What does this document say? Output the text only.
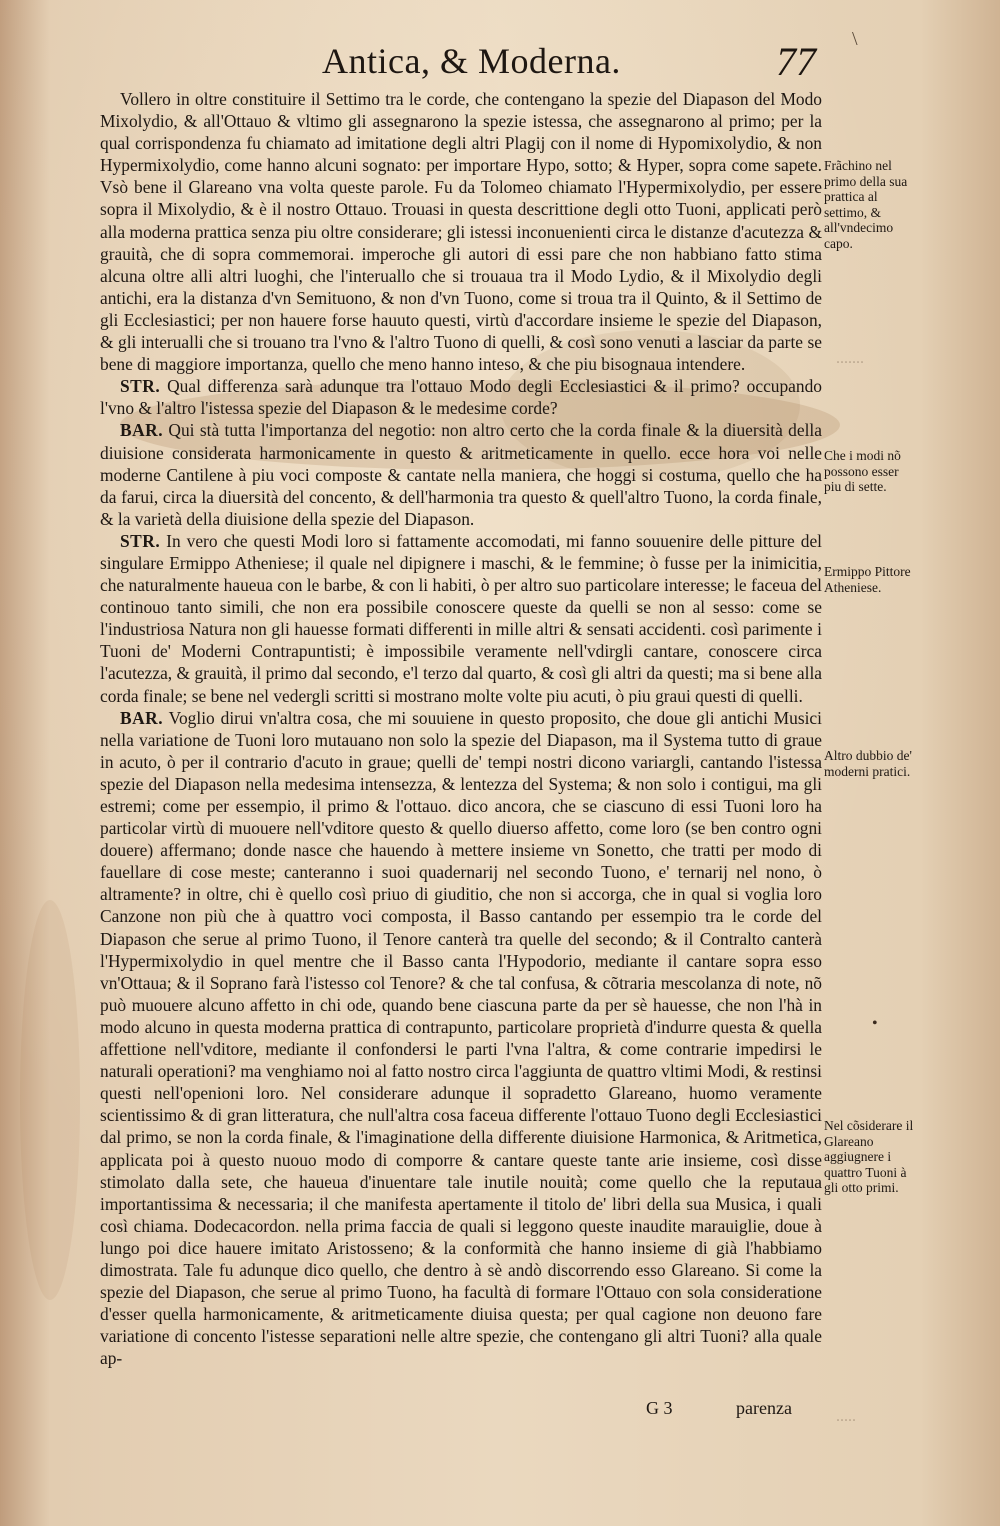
\
Antica, & Moderna.	77

Vollero in oltre constituire il Settimo tra le corde, che contengano la spezie del Diapason del Modo Mixolydio, & all'Ottauo & vltimo gli assegnarono la spezie istessa, che assegnarono al primo; per la qual corrispondenza fu chiamato ad imitatione degli altri Plagij con il nome di Hypomixolydio, & non Hypermixolydio, come hanno alcuni sognato: per importare Hypo, sotto; & Hyper, sopra come sapete. Vsò bene il Glareano vna volta queste parole. Fu da Tolomeo chiamato l'Hypermixolydio, per essere sopra il Mixolydio, & è il nostro Ottauo. Trouasi in questa descrittione degli otto Tuoni, applicati però alla moderna prattica senza piu oltre considerare; gli istessi inconuenienti circa le distanze d'acutezza & grauità, che di sopra commemorai. imperoche gli autori di essi pare che non habbiano fatto stima alcuna oltre alli altri luoghi, che l'interuallo che si trouaua tra il Modo Lydio, & il Mixolydio degli antichi, era la distanza d'vn Semituono, & non d'vn Tuono, come si troua tra il Quinto, & il Settimo de gli Ecclesiastici; per non hauere forse hauuto questi, virtù d'accordare insieme le spezie del Diapason, & gli interualli che si trouano tra l'vno & l'altro Tuono di quelli, & così sono venuti a lasciar da parte se bene di maggiore importanza, quello che meno hanno inteso, & che piu bisognaua intendere.

STR. Qual differenza sarà adunque tra l'ottauo Modo degli Ecclesiastici & il primo? occupando l'vno & l'altro l'istessa spezie del Diapason & le medesime corde?

BAR. Qui stà tutta l'importanza del negotio: non altro certo che la corda finale & la diuersità della diuisione considerata harmonicamente in questo & aritmeticamente in quello. ecce hora voi nelle moderne Cantilene à piu voci composte & cantate nella maniera, che hoggi si costuma, quello che ha da farui, circa la diuersità del concento, & dell'harmonia tra questo & quell'altro Tuono, la corda finale, & la varietà della diuisione della spezie del Diapason.

STR. In vero che questi Modi loro si fattamente accomodati, mi fanno souuenire delle pitture del singulare Ermippo Atheniese; il quale nel dipignere i maschi, & le femmine; ò fusse per la inimicitia, che naturalmente haueua con le barbe, & con li habiti, ò per altro suo particolare interesse; le faceua del continouo tanto simili, che non era possibile conoscere queste da quelli se non al sesso: come se l'industriosa Natura non gli hauesse formati differenti in mille altri & sensati accidenti. così parimente i Tuoni de' Moderni Contrapuntisti; è impossibile veramente nell'vdirgli cantare, conoscere circa l'acutezza, & grauità, il primo dal secondo, e'l terzo dal quarto, & così gli altri da questi; ma si bene alla corda finale; se bene nel vedergli scritti si mostrano molte volte piu acuti, ò piu graui questi di quelli.

BAR. Voglio dirui vn'altra cosa, che mi souuiene in questo proposito, che doue gli antichi Musici nella variatione de Tuoni loro mutauano non solo la spezie del Diapason, ma il Systema tutto di graue in acuto, ò per il contrario d'acuto in graue; quelli de' tempi nostri dicono variargli, cantando l'istessa spezie del Diapason nella medesima intensezza, & lentezza del Systema; & non solo i contigui, ma gli estremi; come per essempio, il primo & l'ottauo. dico ancora, che se ciascuno di essi Tuoni loro ha particolar virtù di muouere nell'vditore questo & quello diuerso affetto, come loro (se ben contro ogni douere) affermano; donde nasce che hauendo à mettere insieme vn Sonetto, che tratti per modo di fauellare di cose meste; canteranno i suoi quadernarij nel secondo Tuono, e' ternarij nel nono, ò altramente? in oltre, chi è quello così priuo di giuditio, che non si accorga, che in qual si voglia loro Canzone non più che à quattro voci composta, il Basso cantando per essempio tra le corde del Diapason che serue al primo Tuono, il Tenore canterà tra quelle del secondo; & il Contralto canterà l'Hypermixolydio in quel mentre che il Basso canta l'Hypodorio, mediante il cantare sopra esso vn'Ottaua; & il Soprano farà l'istesso col Tenore? & che tal confusa, & cõtraria mescolanza di note, nõ può muouere alcuno affetto in chi ode, quando bene ciascuna parte da per sè hauesse, che non l'hà in modo alcuno in questa moderna prattica di contrapunto, particolare proprietà d'indurre questa & quella affettione nell'vditore, mediante il confondersi le parti l'vna l'altra, & come contrarie impedirsi le naturali operationi? ma venghiamo noi al fatto nostro circa l'aggiunta de quattro vltimi Modi, & restinsi questi nell'openioni loro. Nel considerare adunque il sopradetto Glareano, huomo veramente scientissimo & di gran litteratura, che null'altra cosa faceua differente l'ottauo Tuono degli Ecclesiastici dal primo, se non la corda finale, & l'imaginatione della differente diuisione Harmonica, & Aritmetica, applicata poi à questo nuouo modo di comporre & cantare queste tante arie insieme, così disse stimolato dalla sete, che haueua d'inuentare tale inutile nouità; come quello che la reputaua importantissima & necessaria; il che manifesta apertamente il titolo de' libri della sua Musica, i quali così chiama. Dodecacordon. nella prima faccia de quali si leggono queste inaudite marauiglie, doue à lungo poi dice hauere imitato Aristosseno; & la conformità che hanno insieme di già l'habbiamo dimostrata. Tale fu adunque dico quello, che dentro à sè andò discorrendo esso Glareano. Si come la spezie del Diapason, che serue al primo Tuono, ha facultà di formare l'Ottauo con sola consideratione d'esser quella harmonicamente, & aritmeticamente diuisa questa; per qual cagione non deuono fare variatione di concento l'istesse separationi nelle altre spezie, che contengano gli altri Tuoni? alla quale ap-

Frãchino nel primo della sua prattica al settimo, & all'vndecimo capo.
Che i modi nõ possono esser piu di sette.
Ermippo Pittore Atheniese.
Altro dubbio de' moderni pratici.
Nel cõsiderare il Glareano aggiugnere i quattro Tuoni à gli otto primi.
.......
.....
•
G 3	parenza
